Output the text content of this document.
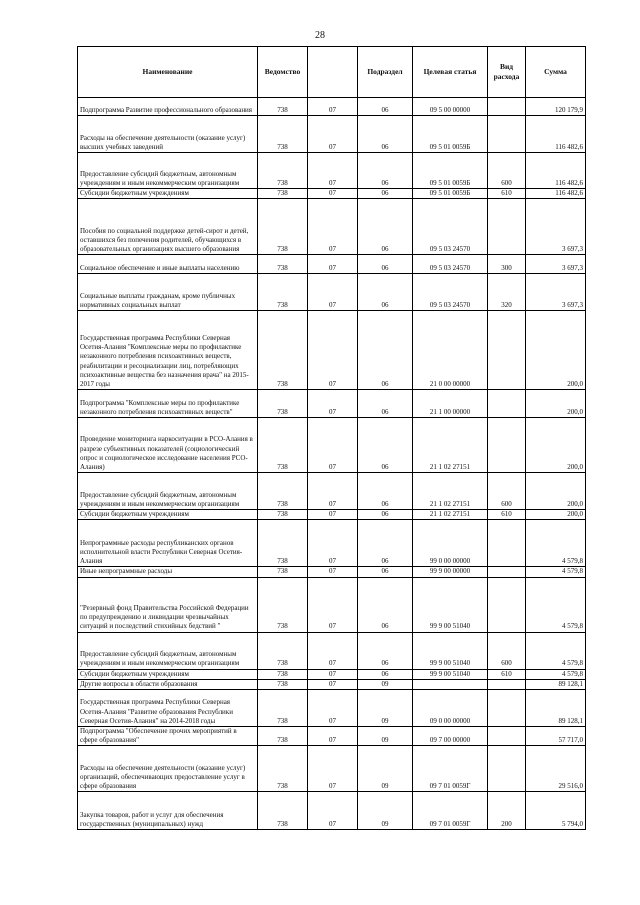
28
Наименование	Ведомство		Подраздел	Целевая статья	Вид расхода	Сумма
Подпрограмма Развитие профессионального образования	738	07	06	09 5 00 00000		120 179,9
Расходы на обеспечение деятельности (оказание услуг) высших учебных заведений	738	07	06	09 5 01 0059Б		116 482,6
Предоставление субсидий бюджетным, автономным учреждениям и иным некоммерческим организациям	738	07	06	09 5 01 0059Б	600	116 482,6
Субсидии бюджетным учреждениям	738	07	06	09 5 01 0059Б	610	116 482,6
Пособия по социальной поддержке детей-сирот и детей, оставшихся без попечения родителей, обучающихся в образовательных организациях высшего образования	738	07	06	09 5 03 24570		3 697,3
Социальное обеспечение и иные выплаты населению	738	07	06	09 5 03 24570	300	3 697,3
Социальные выплаты гражданам, кроме публичных нормативных социальных выплат	738	07	06	09 5 03 24570	320	3 697,3
Государственная программа Республики Северная Осетия-Алания "Комплексные меры по профилактике незаконного потребления психоактивных веществ, реабилитации и ресоциализации лиц, потребляющих психоактивные вещества без назначения врача" на 2015-2017 годы	738	07	06	21 0 00 00000		200,0
Подпрограмма "Комплексные меры по профилактике незаконного потребления психоактивных веществ"	738	07	06	21 1 00 00000		200,0
Проведение мониторинга наркоситуации в РСО-Алания в разрезе субъективных показателей (социологический опрос и социологическое исследование населения РСО-Алания)	738	07	06	21 1 02 27151		200,0
Предоставление субсидий бюджетным, автономным учреждениям и иным некоммерческим организациям	738	07	06	21 1 02 27151	600	200,0
Субсидии бюджетным учреждениям	738	07	06	21 1 02 27151	610	200,0
Непрограммные расходы республиканских органов исполнительной власти Республики Северная Осетия-Алания	738	07	06	99 0 00 00000		4 579,8
Иные непрограммные расходы	738	07	06	99 9 00 00000		4 579,8
"Резервный фонд Правительства Российской Федерации по предупреждению и ликвидации чрезвычайных ситуаций и последствий стихийных бедствий "	738	07	06	99 9 00 51040		4 579,8
Предоставление субсидий бюджетным, автономным учреждениям и иным некоммерческим организациям	738	07	06	99 9 00 51040	600	4 579,8
Субсидии бюджетным учреждениям	738	07	06	99 9 00 51040	610	4 579,8
Другие вопросы в области образования	738	07	09			89 128,1
Государственная программа Республики Северная Осетия-Алания "Развитие образования Республики Северная Осетия-Алания" на 2014-2018 годы	738	07	09	09 0 00 00000		89 128,1
Подпрограмма "Обеспечение прочих мероприятий в сфере образования"	738	07	09	09 7 00 00000		57 717,0
Расходы на обеспечение деятельности (оказание услуг) организаций, обеспечивающих предоставление услуг в сфере образования	738	07	09	09 7 01 0059Г		29 516,0
Закупка товаров, работ и услуг для обеспечения государственных (муниципальных) нужд	738	07	09	09 7 01 0059Г	200	5 794,0
